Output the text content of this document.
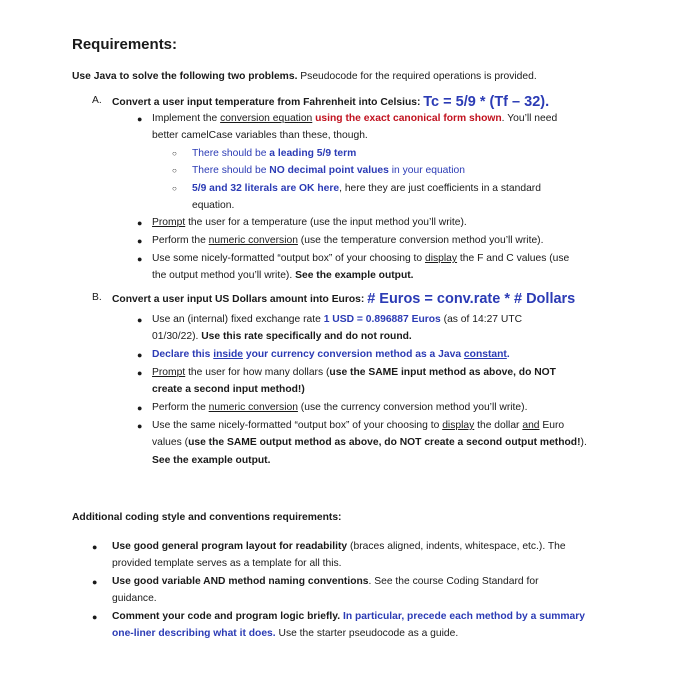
Requirements:
Use Java to solve the following two problems. Pseudocode for the required operations is provided.
A. Convert a user input temperature from Fahrenheit into Celsius: Tc = 5/9 * (Tf – 32).
● Implement the conversion equation using the exact canonical form shown. You’ll need
better camelCase variables than these, though.
○ There should be a leading 5/9 term
○ There should be NO decimal point values in your equation
○ 5/9 and 32 literals are OK here, here they are just coefficients in a standard
equation.
● Prompt the user for a temperature (use the input method you’ll write).
● Perform the numeric conversion (use the temperature conversion method you’ll write).
● Use some nicely-formatted “output box” of your choosing to display the F and C values (use
the output method you’ll write). See the example output.
B. Convert a user input US Dollars amount into Euros: # Euros = conv.rate * # Dollars
● Use an (internal) fixed exchange rate 1 USD = 0.896887 Euros (as of 14:27 UTC
01/30/22). Use this rate specifically and do not round.
● Declare this inside your currency conversion method as a Java constant.
● Prompt the user for how many dollars (use the SAME input method as above, do NOT
create a second input method!)
● Perform the numeric conversion (use the currency conversion method you’ll write).
● Use the same nicely-formatted “output box” of your choosing to display the dollar and Euro
values (use the SAME output method as above, do NOT create a second output method!).
See the example output.
Additional coding style and conventions requirements:
● Use good general program layout for readability (braces aligned, indents, whitespace, etc.). The
provided template serves as a template for all this.
● Use good variable AND method naming conventions. See the course Coding Standard for
guidance.
● Comment your code and program logic briefly. In particular, precede each method by a summary
one-liner describing what it does. Use the starter pseudocode as a guide.
